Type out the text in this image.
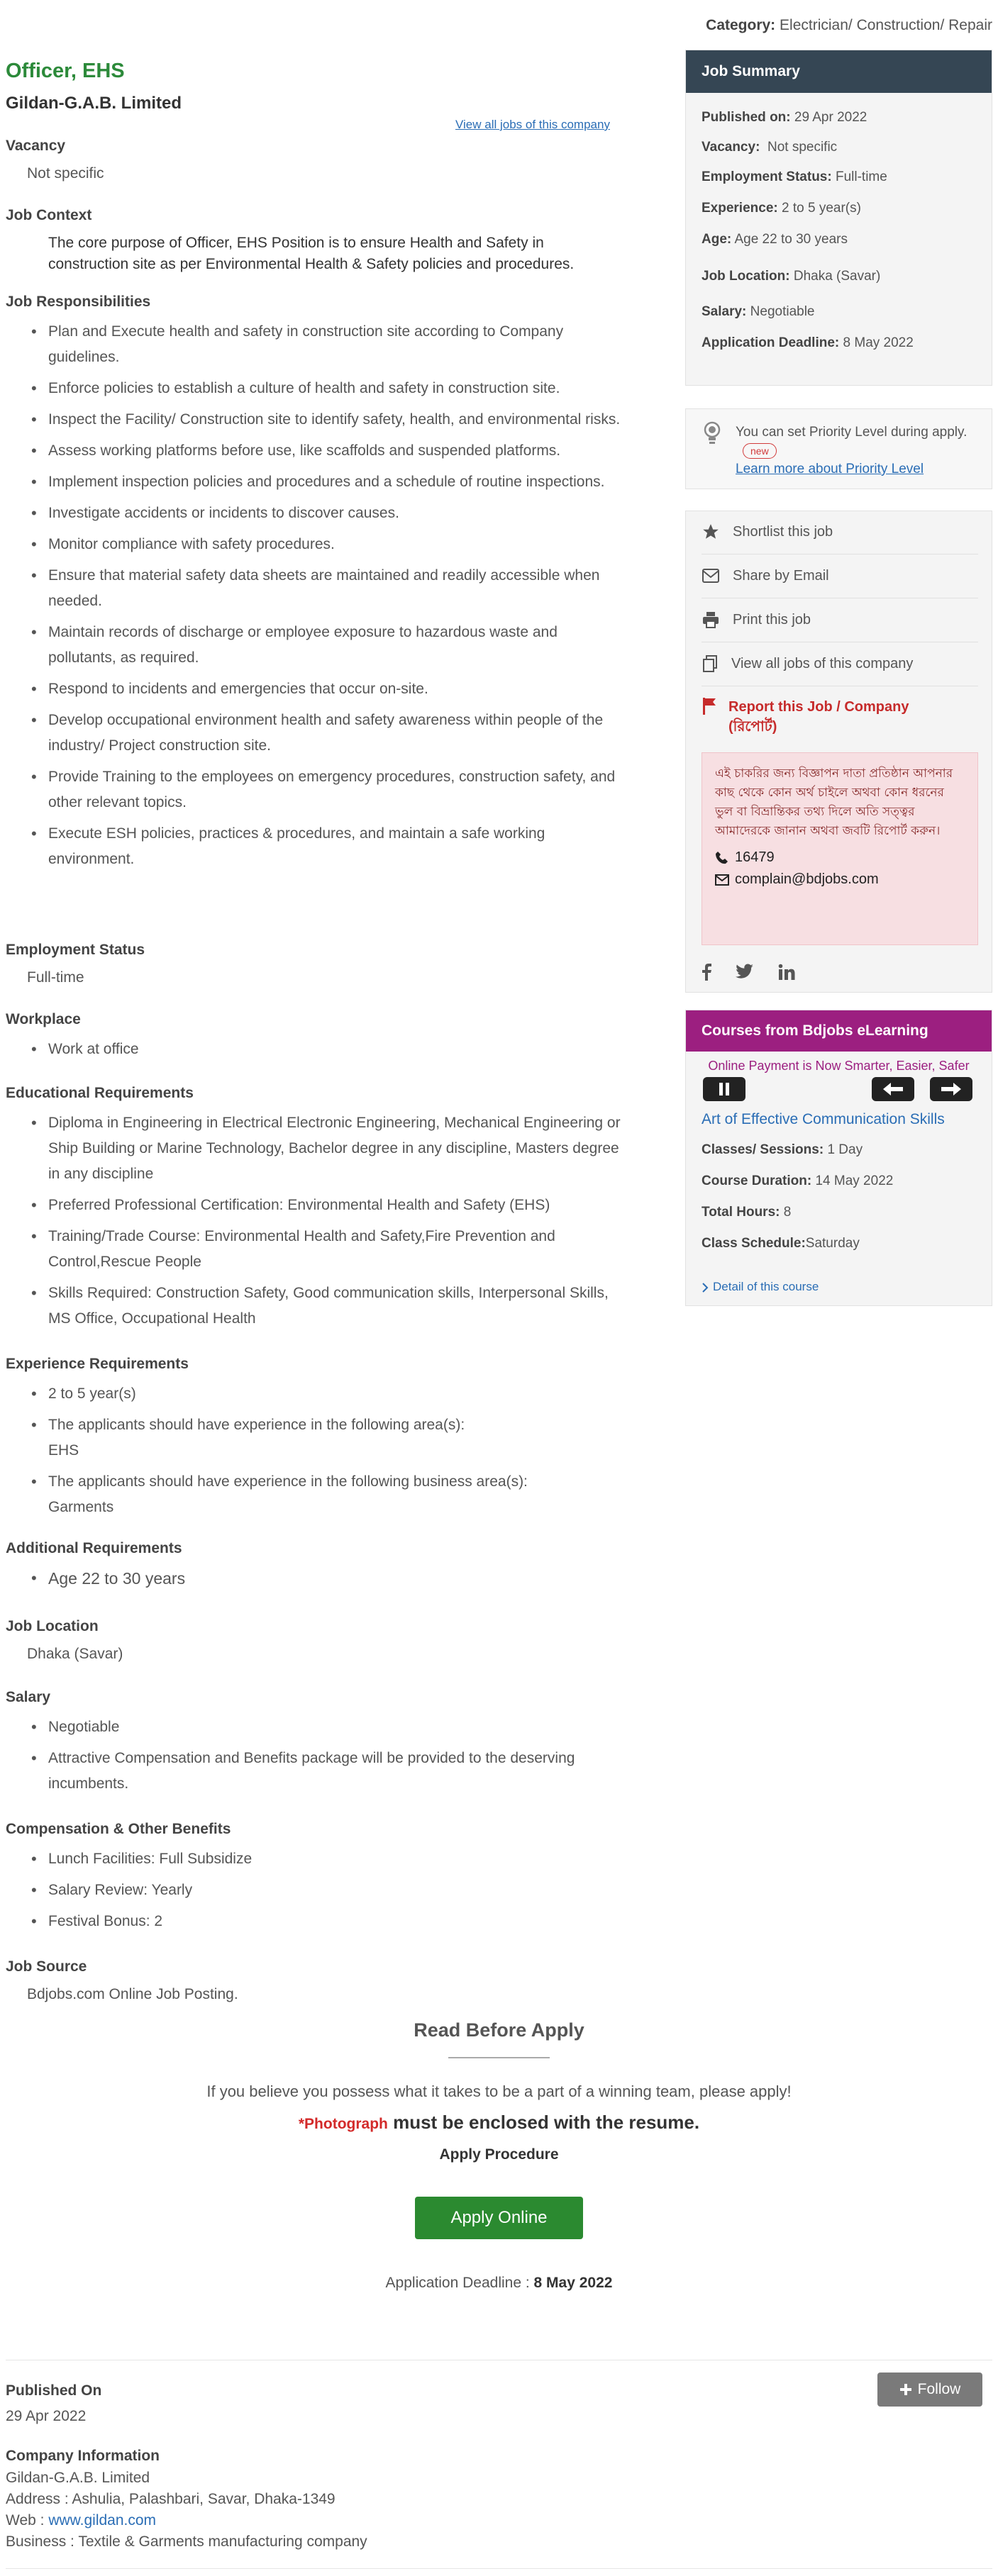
Officer, EHS
Gildan-G.A.B. Limited
View all jobs of this company
Vacancy
Not specific
Job Context
The core purpose of Officer, EHS Position is to ensure Health and Safety in construction site as per Environmental Health & Safety policies and procedures.
Job Responsibilities
• Plan and Execute health and safety in construction site according to Company guidelines.
• Enforce policies to establish a culture of health and safety in construction site.
• Inspect the Facility/ Construction site to identify safety, health, and environmental risks.
• Assess working platforms before use, like scaffolds and suspended platforms.
• Implement inspection policies and procedures and a schedule of routine inspections.
• Investigate accidents or incidents to discover causes.
• Monitor compliance with safety procedures.
• Ensure that material safety data sheets are maintained and readily accessible when needed.
• Maintain records of discharge or employee exposure to hazardous waste and pollutants, as required.
• Respond to incidents and emergencies that occur on-site.
• Develop occupational environment health and safety awareness within people of the industry/ Project construction site.
• Provide Training to the employees on emergency procedures, construction safety, and other relevant topics.
• Execute ESH policies, practices & procedures, and maintain a safe working environment.
Employment Status
Full-time
Workplace
• Work at office
Educational Requirements
• Diploma in Engineering in Electrical Electronic Engineering, Mechanical Engineering or Ship Building or Marine Technology, Bachelor degree in any discipline, Masters degree in any discipline
• Preferred Professional Certification: Environmental Health and Safety (EHS)
• Training/Trade Course: Environmental Health and Safety,Fire Prevention and Control,Rescue People
• Skills Required: Construction Safety, Good communication skills, Interpersonal Skills, MS Office, Occupational Health
Experience Requirements
• 2 to 5 year(s)
• The applicants should have experience in the following area(s):
EHS
• The applicants should have experience in the following business area(s):
Garments
Additional Requirements
• Age 22 to 30 years
Job Location
Dhaka (Savar)
Salary
• Negotiable
• Attractive Compensation and Benefits package will be provided to the deserving incumbents.
Compensation & Other Benefits
• Lunch Facilities: Full Subsidize
• Salary Review: Yearly
• Festival Bonus: 2
Job Source
Bdjobs.com Online Job Posting.
Read Before Apply
If you believe you possess what it takes to be a part of a winning team, please apply!
*Photograph must be enclosed with the resume.
Apply Procedure
Apply Online
Application Deadline : 8 May 2022
Published On
29 Apr 2022
Follow
Company Information
Gildan-G.A.B. Limited
Address : Ashulia, Palashbari, Savar, Dhaka-1349
Web : www.gildan.com
Business : Textile & Garments manufacturing company
Category: Electrician/ Construction/ Repair
Job Summary
Published on: 29 Apr 2022
Vacancy: Not specific
Employment Status: Full-time
Experience: 2 to 5 year(s)
Age: Age 22 to 30 years
Job Location: Dhaka (Savar)
Salary: Negotiable
Application Deadline: 8 May 2022
You can set Priority Level during apply.new
Learn more about Priority Level
Shortlist this job
Share by Email
Print this job
View all jobs of this company
Report this Job / Company
(রিপোর্ট)

এই চাকরির জন্য বিজ্ঞাপন দাতা প্রতিষ্ঠান আপনার কাছ থেকে কোন অর্থ চাইলে অথবা কোন ধরনের ভুল বা বিভ্রান্তিকর তথ্য দিলে অতি সত্ত্বর আমাদেরকে জানান অথবা জবটি রিপোর্ট করুন।

16479
complain@bdjobs.com
Courses from Bdjobs eLearning
Online Payment is Now Smarter, Easier, Safer
Art of Effective Communication Skills
Classes/ Sessions: 1 Day
Course Duration: 14 May 2022
Total Hours: 8
Class Schedule:Saturday
Detail of this course
